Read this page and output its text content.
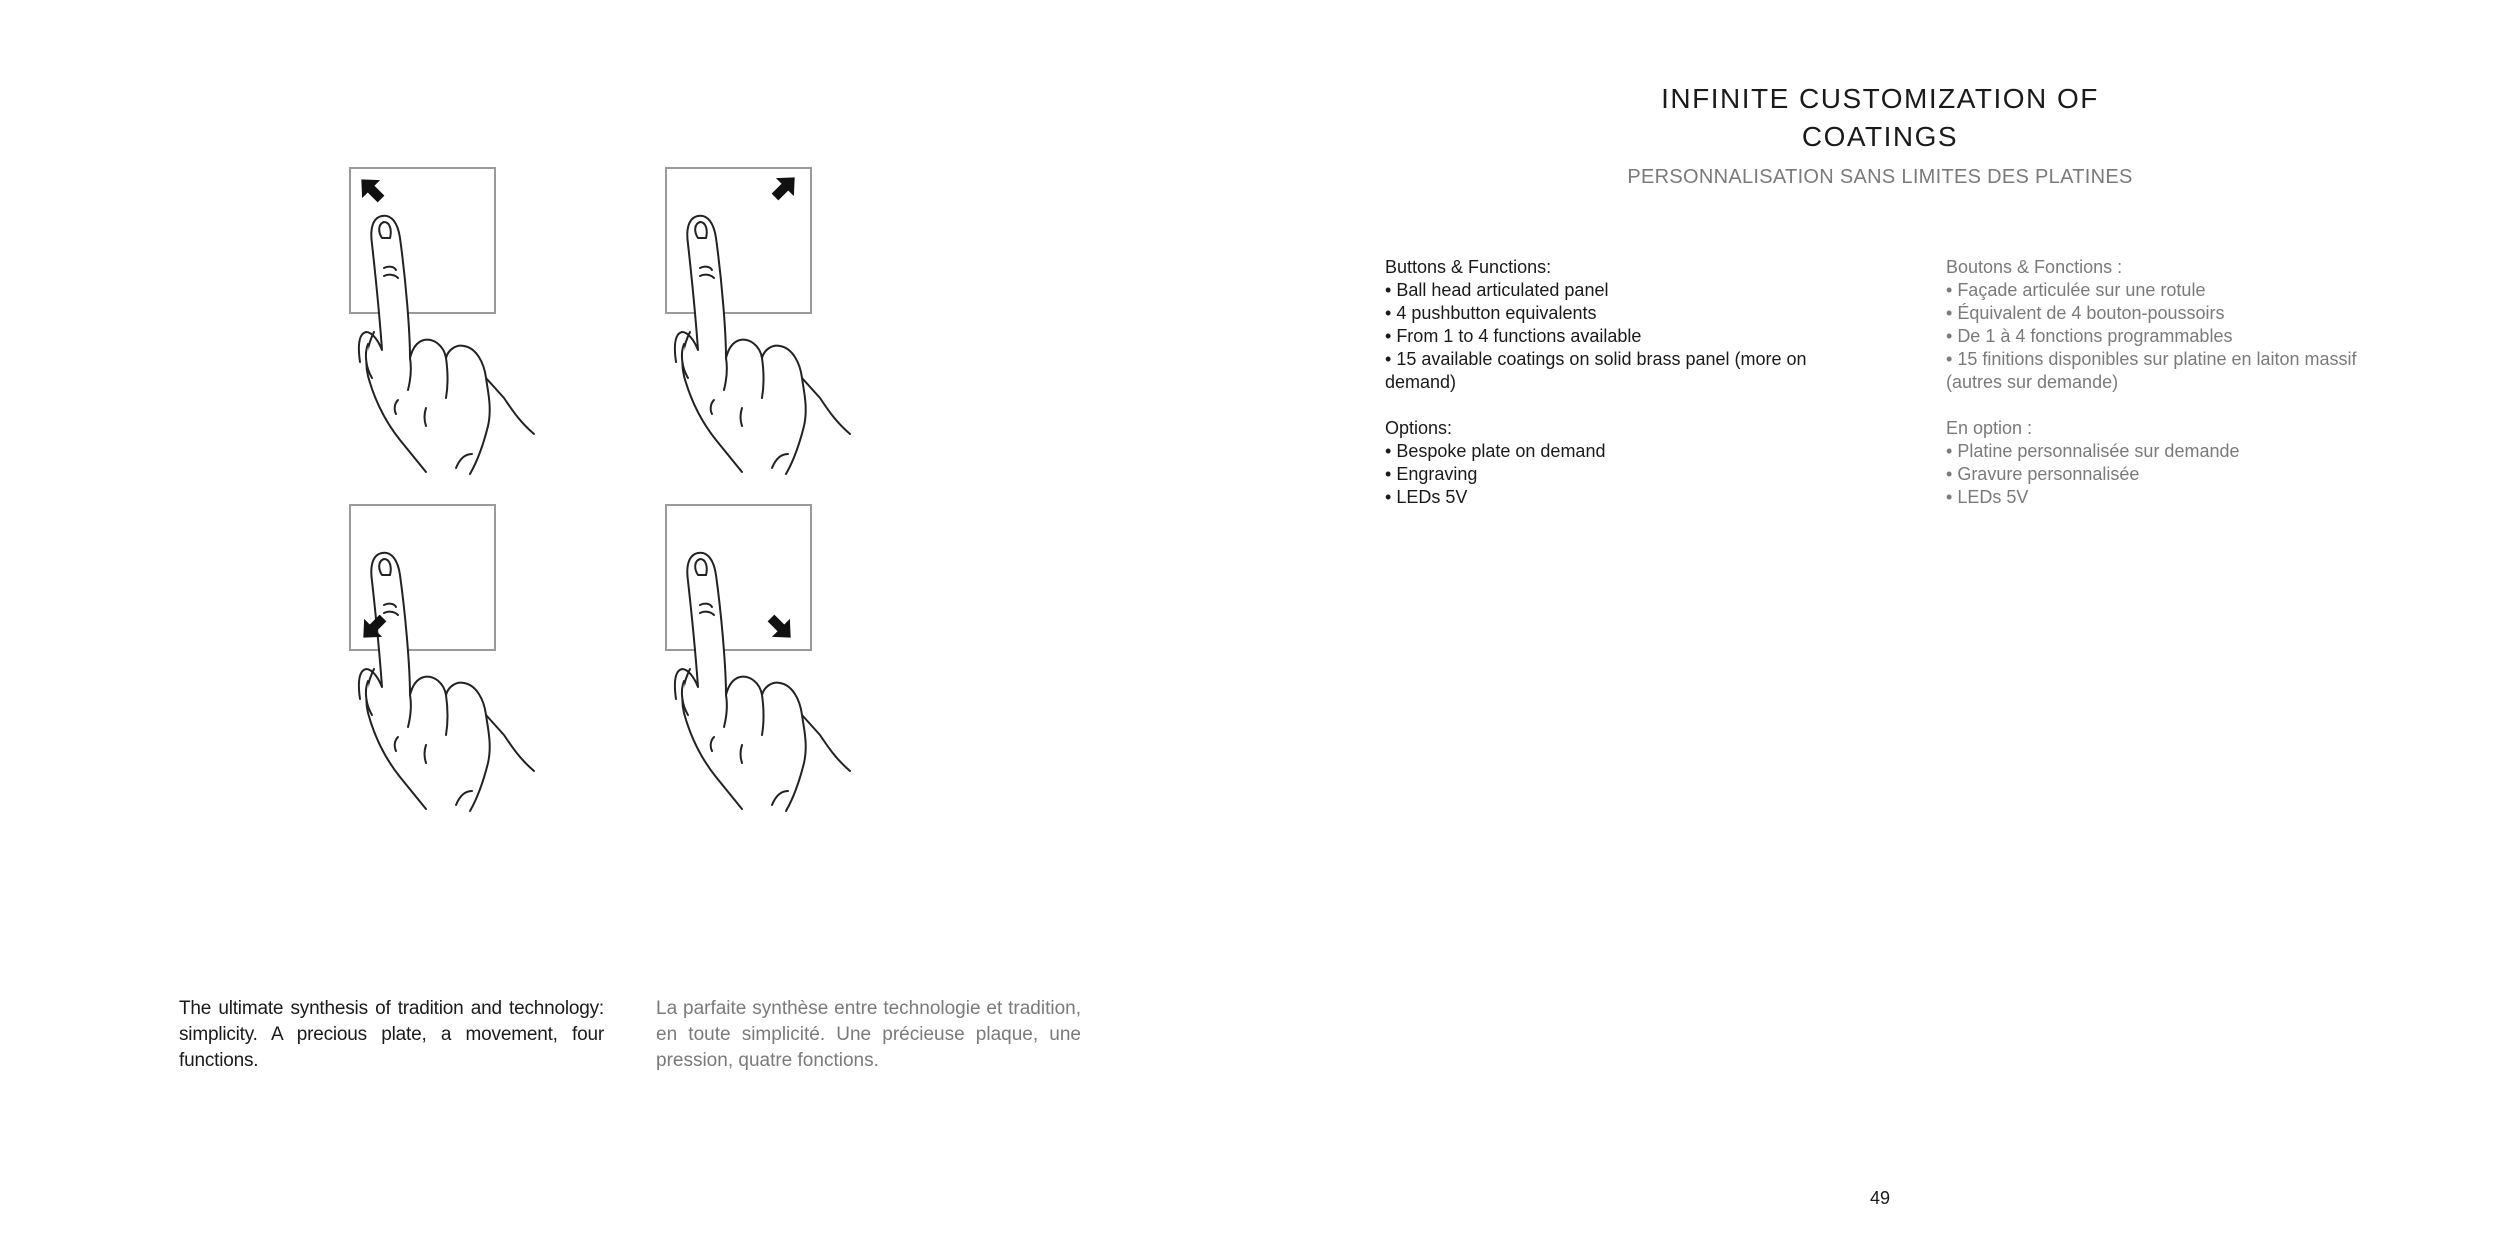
The ultimate synthesis of tradition and technology: simplicity. A precious plate, a movement, four functions.
La parfaite synthèse entre technologie et tradition, en toute simplicité. Une précieuse plaque, une pression, quatre fonctions.
INFINITE CUSTOMIZATION OF
COATINGS
PERSONNALISATION SANS LIMITES DES PLATINES
Buttons & Functions:
• Ball head articulated panel
• 4 pushbutton equivalents
• From 1 to 4 functions available
• 15 available coatings on solid brass panel (more on demand)
Options:
• Bespoke plate on demand
• Engraving
• LEDs 5V
Boutons & Fonctions :
• Façade articulée sur une rotule
• Équivalent de 4 bouton-poussoirs
• De 1 à 4 fonctions programmables
• 15 finitions disponibles sur platine en laiton massif (autres sur demande)
En option :
• Platine personnalisée sur demande
• Gravure personnalisée
• LEDs 5V
49
